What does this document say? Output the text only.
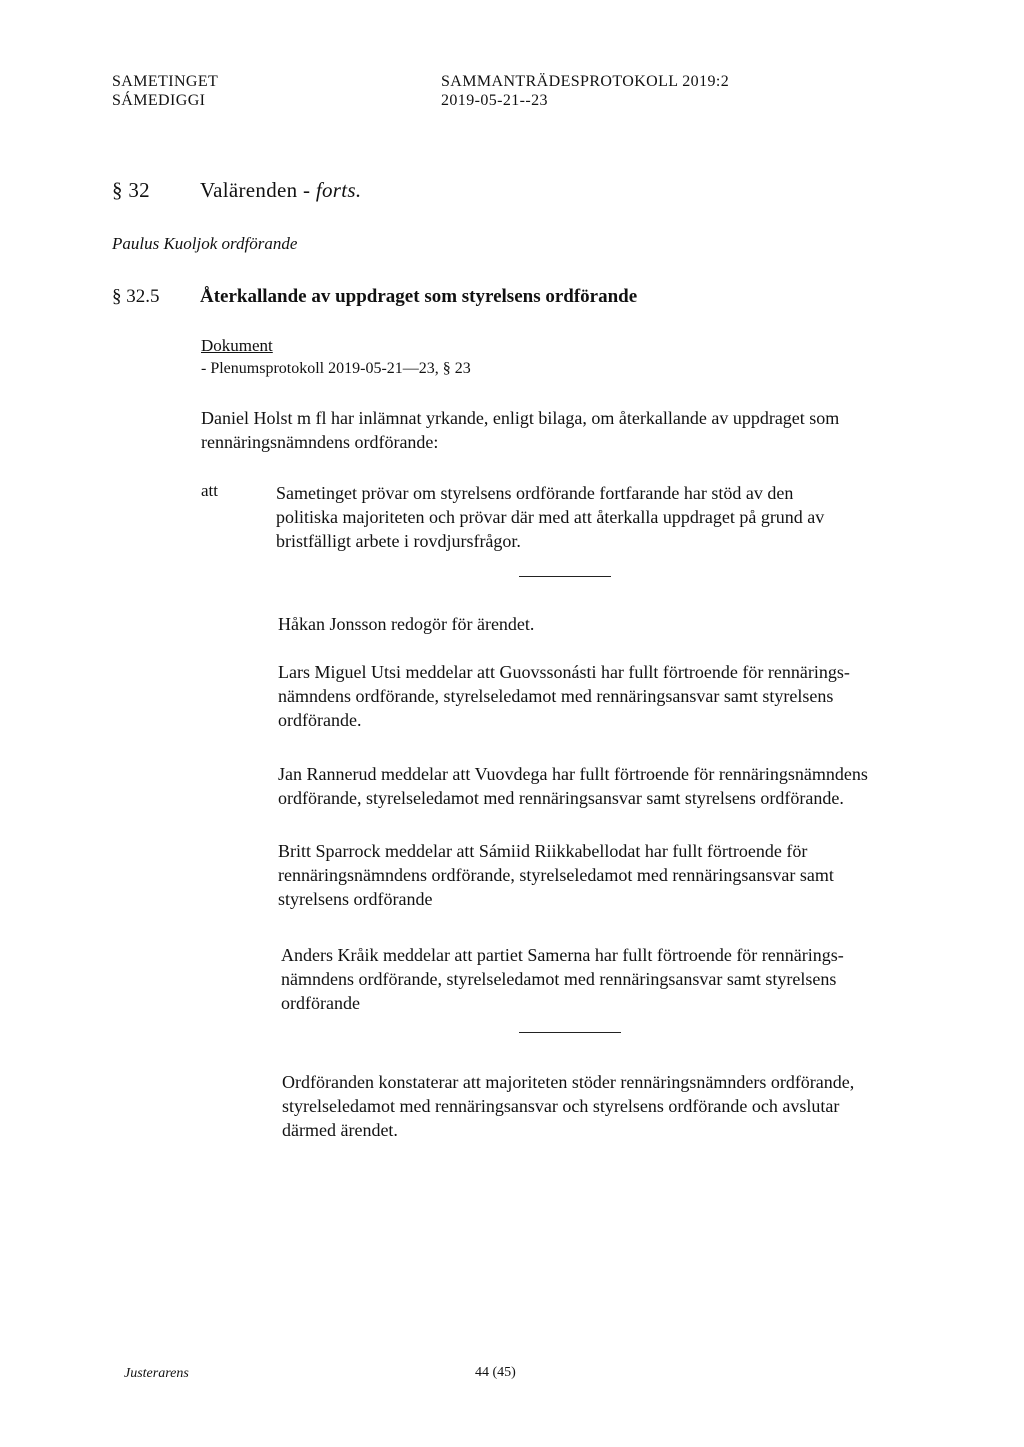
SAMETINGET
SÁMEDIGGI
SAMMANTRÄDESPROTOKOLL 2019:2
2019-05-21--23
§ 32 Valärenden - forts.
Paulus Kuoljok ordförande
§ 32.5 Återkallande av uppdraget som styrelsens ordförande
Dokument
- Plenumsprotokoll 2019-05-21—23, § 23
Daniel Holst m fl har inlämnat yrkande, enligt bilaga, om återkallande av uppdraget som
rennäringsnämndens ordförande:
att	Sametinget prövar om styrelsens ordförande fortfarande har stöd av den
politiska majoriteten och prövar där med att återkalla uppdraget på grund av
bristfälligt arbete i rovdjursfrågor.
Håkan Jonsson redogör för ärendet.
Lars Miguel Utsi meddelar att Guovssonásti har fullt förtroende för rennärings-
nämndens ordförande, styrelseledamot med rennäringsansvar samt styrelsens
ordförande.
Jan Rannerud meddelar att Vuovdega har fullt förtroende för rennäringsnämndens
ordförande, styrelseledamot med rennäringsansvar samt styrelsens ordförande.
Britt Sparrock meddelar att Sámiid Riikkabellodat har fullt förtroende för
rennäringsnämndens ordförande, styrelseledamot med rennäringsansvar samt
styrelsens ordförande
Anders Kråik meddelar att partiet Samerna har fullt förtroende för rennärings-
nämndens ordförande, styrelseledamot med rennäringsansvar samt styrelsens
ordförande
Ordföranden konstaterar att majoriteten stöder rennäringsnämnders ordförande,
styrelseledamot med rennäringsansvar och styrelsens ordförande och avslutar
därmed ärendet.
Justerarens	44 (45)
